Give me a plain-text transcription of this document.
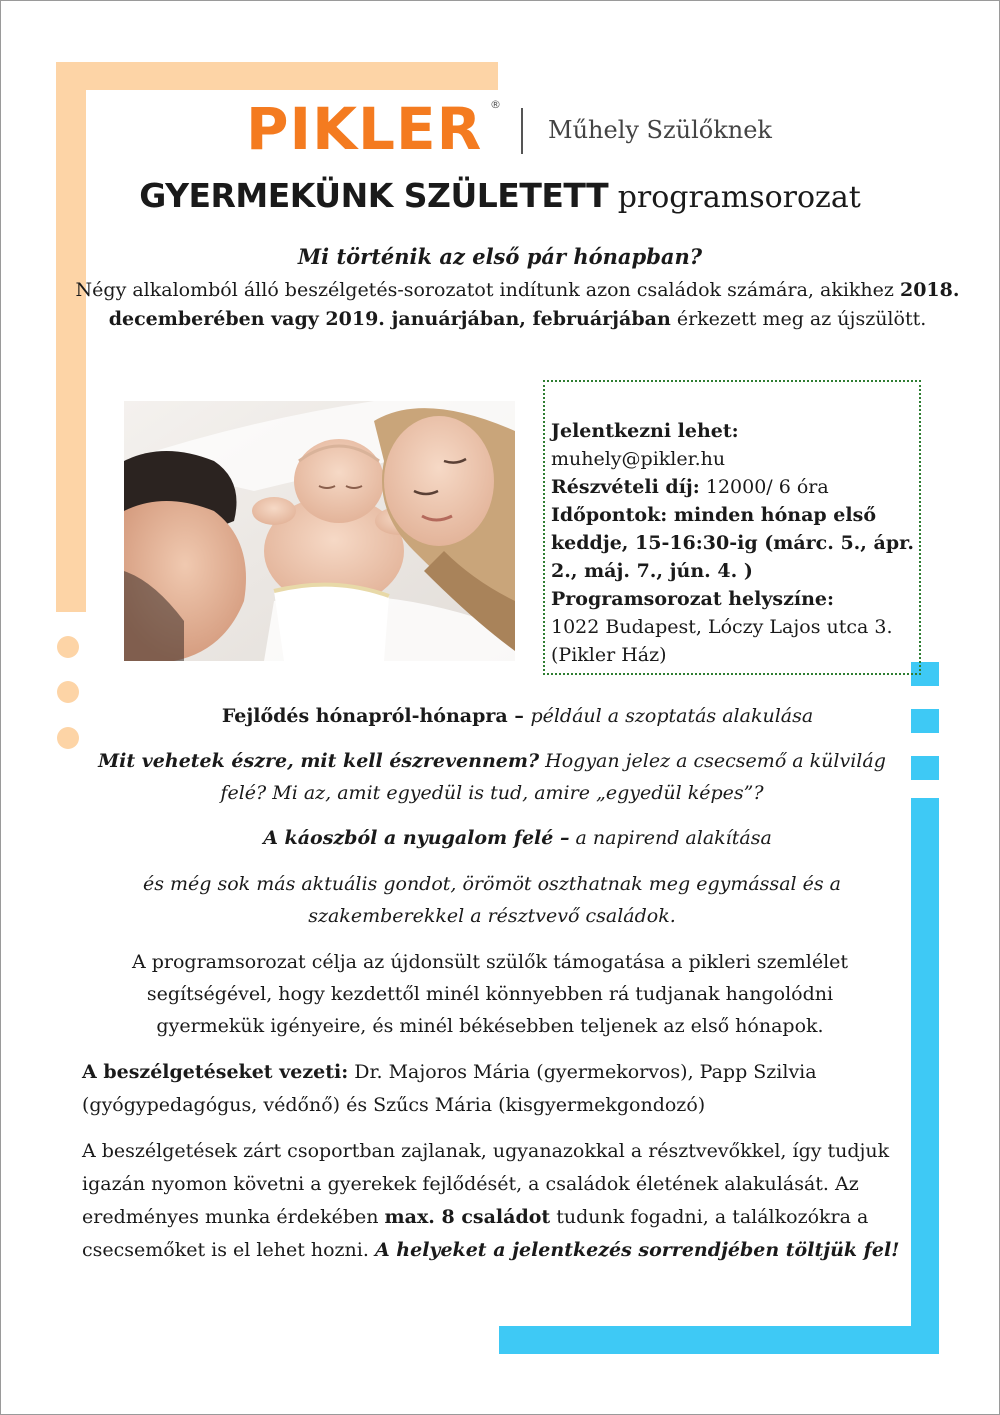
PIKLER ®
Műhely Szülőknek
GYERMEKÜNK SZÜLETETT programsorozat
Mi történik az első pár hónapban?
Négy alkalomból álló beszélgetés-sorozatot indítunk azon családok számára, akikhez 2018. decemberében vagy 2019. januárjában, februárjában érkezett meg az újszülött.
Jelentkezni lehet:
muhely@pikler.hu
Részvételi díj: 12000/ 6 óra
Időpontok: minden hónap első keddje, 15-16:30-ig (márc. 5., ápr. 2., máj. 7., jún. 4. )
Programsorozat helyszíne:
1022 Budapest, Lóczy Lajos utca 3. (Pikler Ház)
Fejlődés hónapról-hónapra – például a szoptatás alakulása
Mit vehetek észre, mit kell észrevennem? Hogyan jelez a csecsemő a külvilág felé? Mi az, amit egyedül is tud, amire „egyedül képes”?
A káoszból a nyugalom felé – a napirend alakítása
és még sok más aktuális gondot, örömöt oszthatnak meg egymással és a szakemberekkel a résztvevő családok.
A programsorozat célja az újdonsült szülők támogatása a pikleri szemlélet segítségével, hogy kezdettől minél könnyebben rá tudjanak hangolódni gyermekük igényeire, és minél békésebben teljenek az első hónapok.
A beszélgetéseket vezeti: Dr. Majoros Mária (gyermekorvos), Papp Szilvia (gyógypedagógus, védőnő) és Szűcs Mária (kisgyermekgondozó)
A beszélgetések zárt csoportban zajlanak, ugyanazokkal a résztvevőkkel, így tudjuk igazán nyomon követni a gyerekek fejlődését, a családok életének alakulását. Az eredményes munka érdekében max. 8 családot tudunk fogadni, a találkozókra a csecsemőket is el lehet hozni. A helyeket a jelentkezés sorrendjében töltjük fel!
